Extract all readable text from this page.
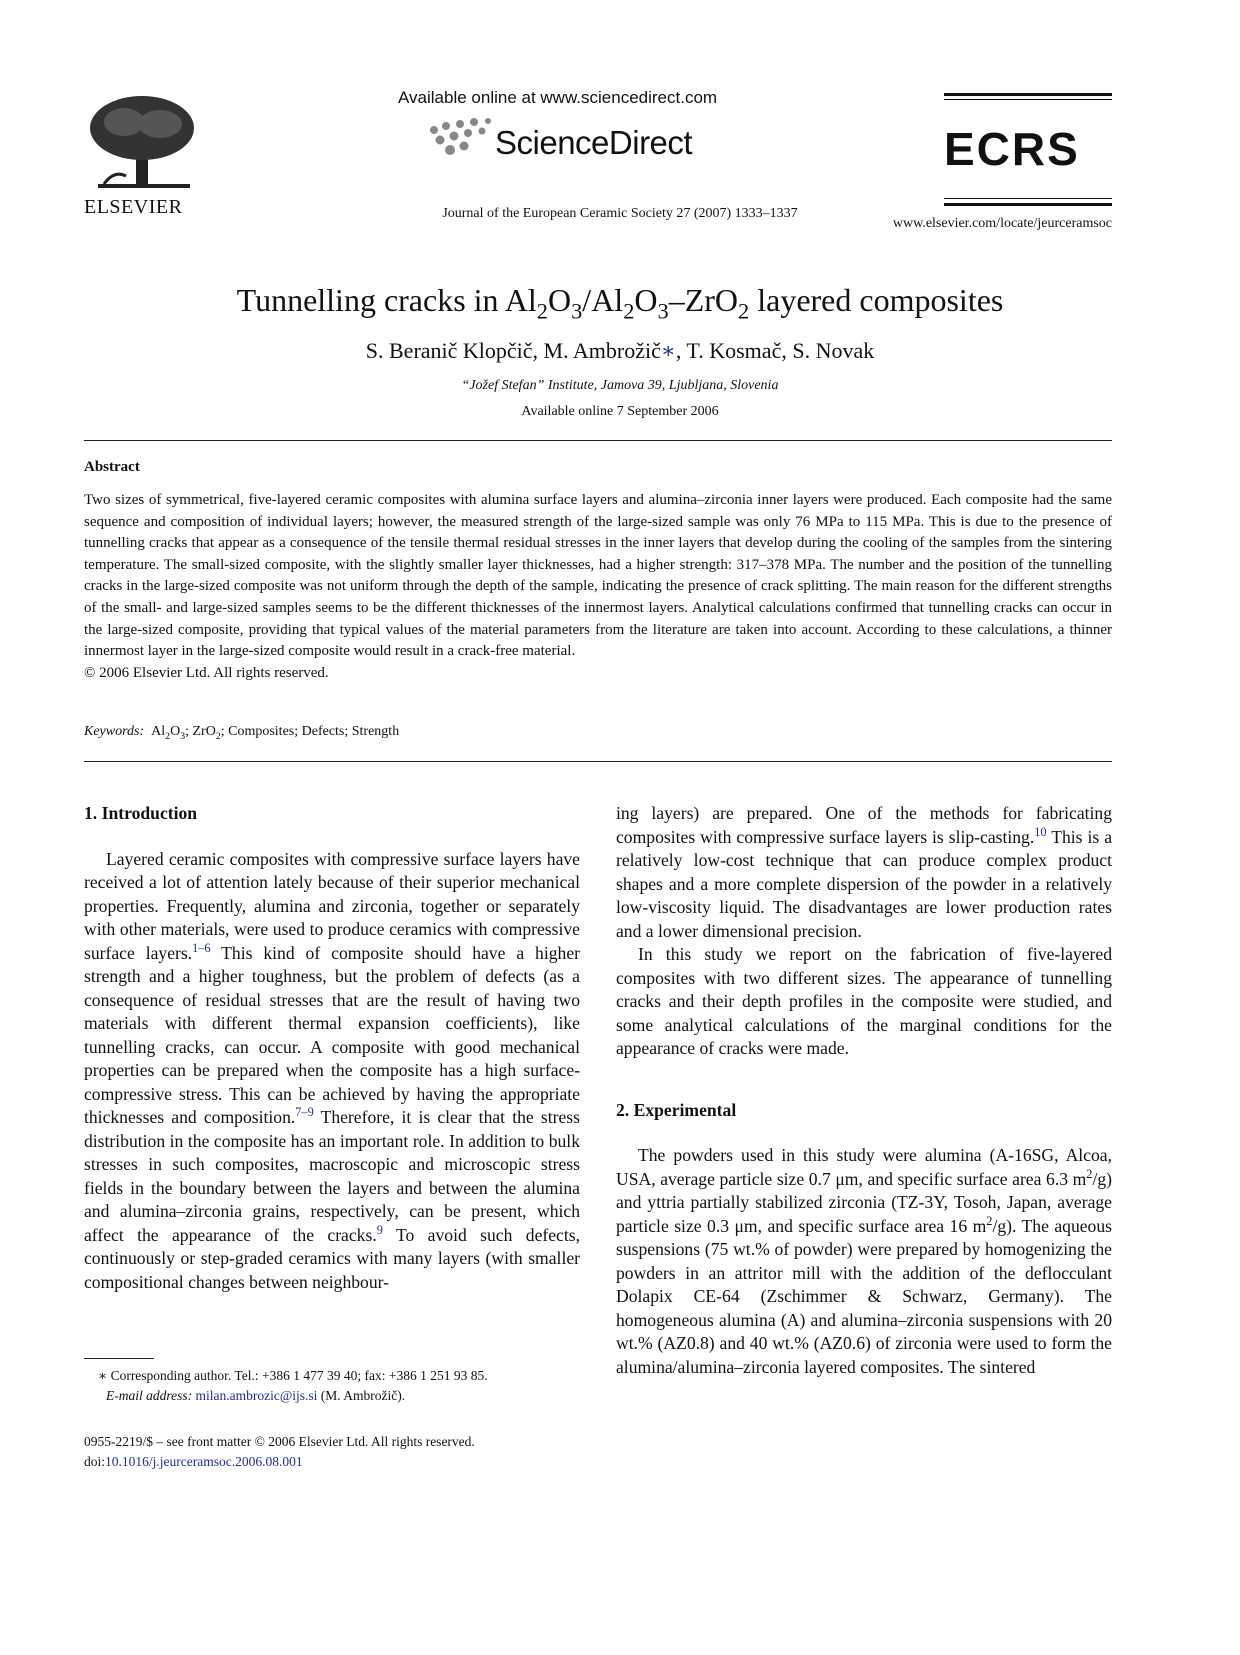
ELSEVIER
Available online at www.sciencedirect.com
ScienceDirect
Journal of the European Ceramic Society 27 (2007) 1333–1337
ECRS
www.elsevier.com/locate/jeurceramsoc
Tunnelling cracks in $Al_2O_3/Al_2O_3-ZrO_2$ layered composites
S. Beranič Klopčič, M. Ambrožič∗, T. Kosmač, S. Novak
“Jožef Stefan” Institute, Jamova 39, Ljubljana, Slovenia
Available online 7 September 2006
Abstract
Two sizes of symmetrical, five-layered ceramic composites with alumina surface layers and alumina–zirconia inner layers were produced. Each composite had the same sequence and composition of individual layers; however, the measured strength of the large-sized sample was only 76 MPa to 115 MPa. This is due to the presence of tunnelling cracks that appear as a consequence of the tensile thermal residual stresses in the inner layers that develop during the cooling of the samples from the sintering temperature. The small-sized composite, with the slightly smaller layer thicknesses, had a higher strength: 317–378 MPa. The number and the position of the tunnelling cracks in the large-sized composite was not uniform through the depth of the sample, indicating the presence of crack splitting. The main reason for the different strengths of the small- and large-sized samples seems to be the different thicknesses of the innermost layers. Analytical calculations confirmed that tunnelling cracks can occur in the large-sized composite, providing that typical values of the material parameters from the literature are taken into account. According to these calculations, a thinner innermost layer in the large-sized composite would result in a crack-free material.
© 2006 Elsevier Ltd. All rights reserved.
Keywords: $Al_2O_3$; ZrO$_2$; Composites; Defects; Strength
1. Introduction

Layered ceramic composites with compressive surface layers have received a lot of attention lately because of their superior mechanical properties. Frequently, alumina and zirconia, together or separately with other materials, were used to produce ceramics with compressive surface layers.$^{1-6}$ This kind of composite should have a higher strength and a higher toughness, but the problem of defects (as a consequence of residual stresses that are the result of having two materials with different thermal expansion coefficients), like tunnelling cracks, can occur. A composite with good mechanical properties can be prepared when the composite has a high surface-compressive stress. This can be achieved by having the appropriate thicknesses and composition.$^{7-9}$ Therefore, it is clear that the stress distribution in the composite has an important role. In addition to bulk stresses in such composites, macroscopic and microscopic stress fields in the boundary between the layers and between the alumina and alumina–zirconia grains, respectively, can be present, which affect the appearance of the cracks.$^9$ To avoid such defects, continuously or step-graded ceramics with many layers (with smaller compositional changes between neighbour-

ing layers) are prepared. One of the methods for fabricating composites with compressive surface layers is slip-casting.$^{10}$ This is a relatively low-cost technique that can produce complex product shapes and a more complete dispersion of the powder in a relatively low-viscosity liquid. The disadvantages are lower production rates and a lower dimensional precision.

In this study we report on the fabrication of five-layered composites with two different sizes. The appearance of tunnelling cracks and their depth profiles in the composite were studied, and some analytical calculations of the marginal conditions for the appearance of cracks were made.

2. Experimental

The powders used in this study were alumina (A-16SG, Alcoa, USA, average particle size 0.7 μm, and specific surface area 6.3 $m^2/g$) and yttria partially stabilized zirconia (TZ-3Y, Tosoh, Japan, average particle size 0.3 μm, and specific surface area 16 $m^2/g$). The aqueous suspensions (75 wt.% of powder) were prepared by homogenizing the powders in an attritor mill with the addition of the deflocculant Dolapix CE-64 (Zschimmer & Schwarz, Germany). The homogeneous alumina (A) and alumina–zirconia suspensions with 20 wt.% (AZ0.8) and 40 wt.% (AZ0.6) of zirconia were used to form the alumina/alumina–zirconia layered composites. The sintered

∗ Corresponding author. Tel.: +386 1 477 39 40; fax: +386 1 251 93 85.
E-mail address: milan.ambrozic@ijs.si (M. Ambrožič).
0955-2219/$ – see front matter © 2006 Elsevier Ltd. All rights reserved.
doi:10.1016/j.jeurceramsoc.2006.08.001
